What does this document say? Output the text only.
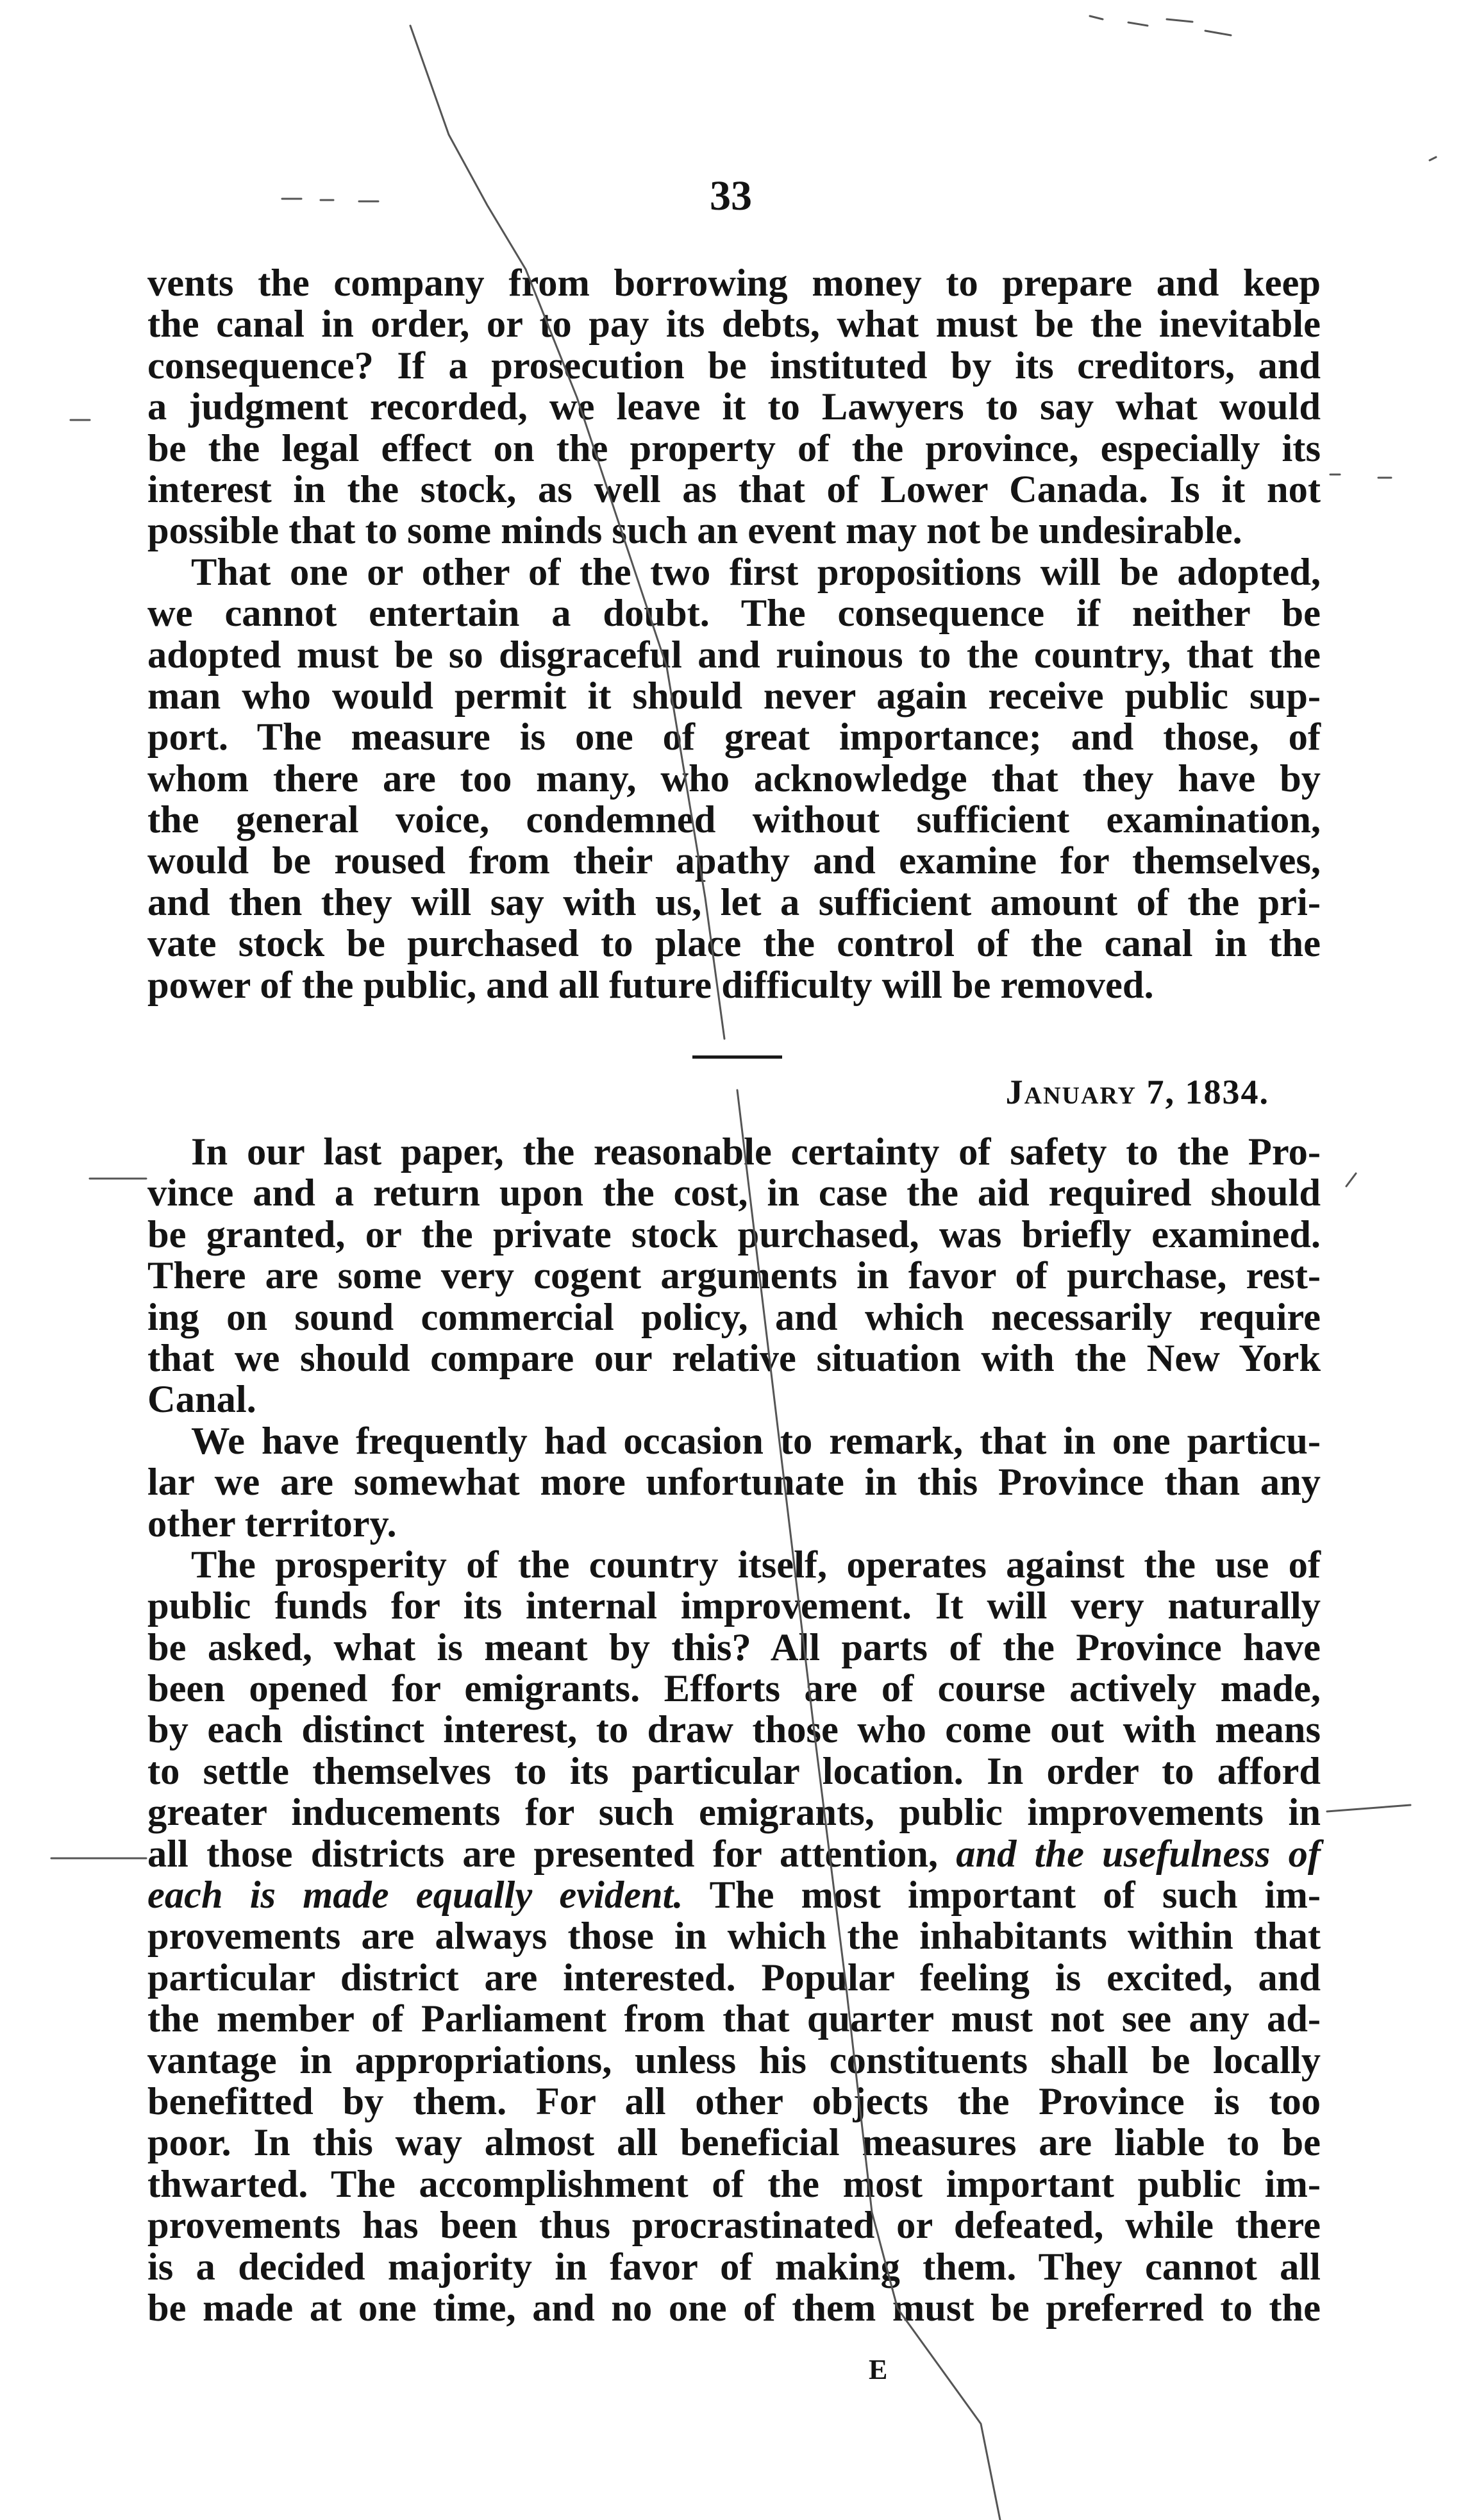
33
vents the company from borrowing money to prepare and keep
the canal in order, or to pay its debts, what must be the inevitable
consequence? If a prosecution be instituted by its creditors, and
a judgment recorded, we leave it to Lawyers to say what would
be the legal effect on the property of the province, especially its
interest in the stock, as well as that of Lower Canada. Is it not
possible that to some minds such an event may not be undesirable.
That one or other of the two first propositions will be adopted,
we cannot entertain a doubt. The consequence if neither be
adopted must be so disgraceful and ruinous to the country, that the
man who would permit it should never again receive public sup-
port. The measure is one of great importance; and those, of
whom there are too many, who acknowledge that they have by
the general voice, condemned without sufficient examination,
would be roused from their apathy and examine for themselves,
and then they will say with us, let a sufficient amount of the pri-
vate stock be purchased to place the control of the canal in the
power of the public, and all future difficulty will be removed.
January 7, 1834.
In our last paper, the reasonable certainty of safety to the Pro-
vince and a return upon the cost, in case the aid required should
be granted, or the private stock purchased, was briefly examined.
There are some very cogent arguments in favor of purchase, rest-
ing on sound commercial policy, and which necessarily require
that we should compare our relative situation with the New York
Canal.
We have frequently had occasion to remark, that in one particu-
lar we are somewhat more unfortunate in this Province than any
other territory.
The prosperity of the country itself, operates against the use of
public funds for its internal improvement. It will very naturally
be asked, what is meant by this? All parts of the Province have
been opened for emigrants. Efforts are of course actively made,
by each distinct interest, to draw those who come out with means
to settle themselves to its particular location. In order to afford
greater inducements for such emigrants, public improvements in
all those districts are presented for attention, and the usefulness of
each is made equally evident. The most important of such im-
provements are always those in which the inhabitants within that
particular district are interested. Popular feeling is excited, and
the member of Parliament from that quarter must not see any ad-
vantage in appropriations, unless his constituents shall be locally
benefitted by them. For all other objects the Province is too
poor. In this way almost all beneficial measures are liable to be
thwarted. The accomplishment of the most important public im-
provements has been thus procrastinated or defeated, while there
is a decided majority in favor of making them. They cannot all
be made at one time, and no one of them must be preferred to the
E
